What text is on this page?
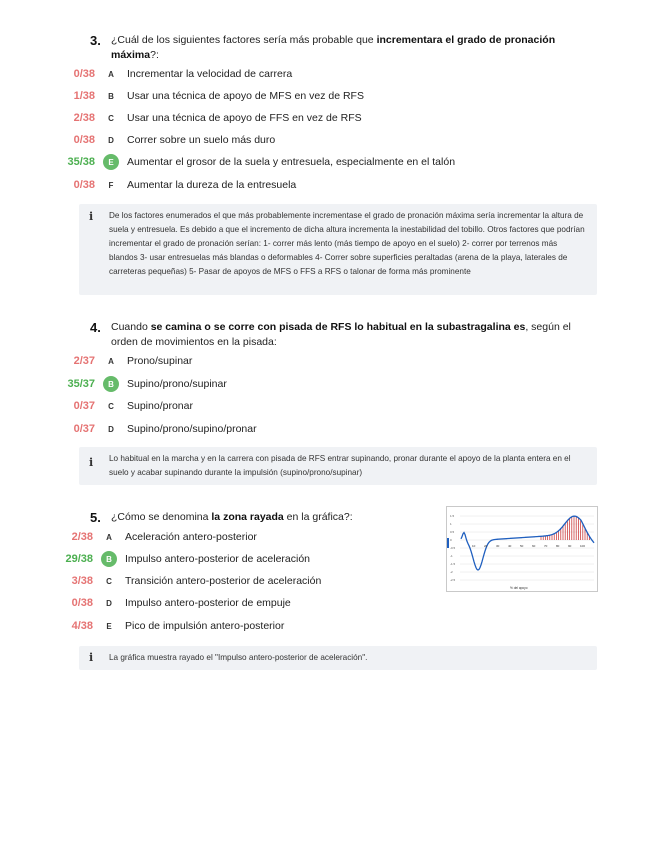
3. ¿Cuál de los siguientes factores sería más probable que incrementara el grado de pronación máxima?:
0/38	A	Incrementar la velocidad de carrera
1/38	B	Usar una técnica de apoyo de MFS en vez de RFS
2/38	C	Usar una técnica de apoyo de FFS en vez de RFS
0/38	D	Correr sobre un suelo más duro
35/38	E	Aumentar el grosor de la suela y entresuela, especialmente en el talón
0/38	F	Aumentar la dureza de la entresuela
i De los factores enumerados el que más probablemente incrementase el grado de pronación máxima sería incrementar la altura de suela y entresuela. Es debido a que el incremento de dicha altura incrementa la inestabilidad del tobillo. Otros factores que podrían incrementar el grado de pronación serían: 1- correr más lento (más tiempo de apoyo en el suelo) 2- correr por terrenos más blandos 3- usar entresuelas más blandas o deformables 4- Correr sobre superficies peraltadas (arena de la playa, laterales de carreteras pequeñas) 5- Pasar de apoyos de MFS o FFS a RFS o talonar de forma más prominente
4. Cuando se camina o se corre con pisada de RFS lo habitual en la subastragalina es, según el orden de movimientos en la pisada:
2/37	A	Prono/supinar
35/37	B	Supino/prono/supinar
0/37	C	Supino/pronar
0/37	D	Supino/prono/supino/pronar
i Lo habitual en la marcha y en la carrera con pisada de RFS entrar supinando, pronar durante el apoyo de la planta entera en el suelo y acabar supinando durante la impulsión (supino/prono/supinar)
5. ¿Cómo se denomina la zona rayada en la gráfica?:
2/38	A	Aceleración antero-posterior
29/38	B	Impulso antero-posterior de aceleración
3/38	C	Transición antero-posterior de aceleración
0/38	D	Impulso antero-posterior de empuje
4/38	E	Pico de impulsión antero-posterior
1.5
1
0.5
0
-0.5
-1
-1.5
-2
-2.5
10	20	30	40	50	60	70	80	90	100
% del apoyo
i La gráfica muestra rayado el "Impulso antero-posterior de aceleración".
